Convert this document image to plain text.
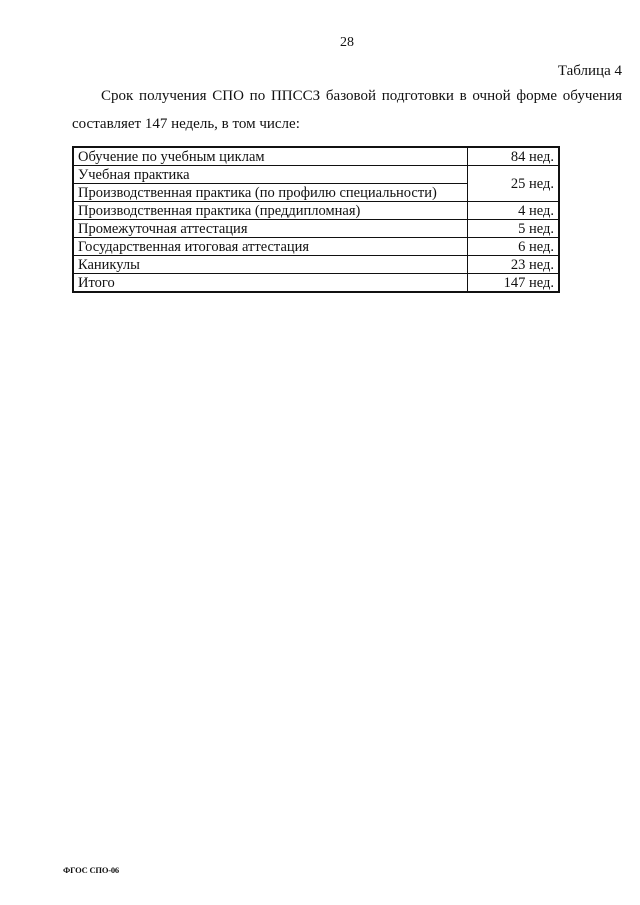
28
Таблица 4
Срок получения СПО по ППССЗ базовой подготовки в очной форме обучения
составляет 147 недель, в том числе:
Обучение по учебным циклам	84 нед.
Учебная практика	25 нед.
Производственная практика (по профилю специальности)	
Производственная практика (преддипломная)	4 нед.
Промежуточная аттестация	5 нед.
Государственная итоговая аттестация	6 нед.
Каникулы	23 нед.
Итого	147 нед.
ФГОС СПО-06
